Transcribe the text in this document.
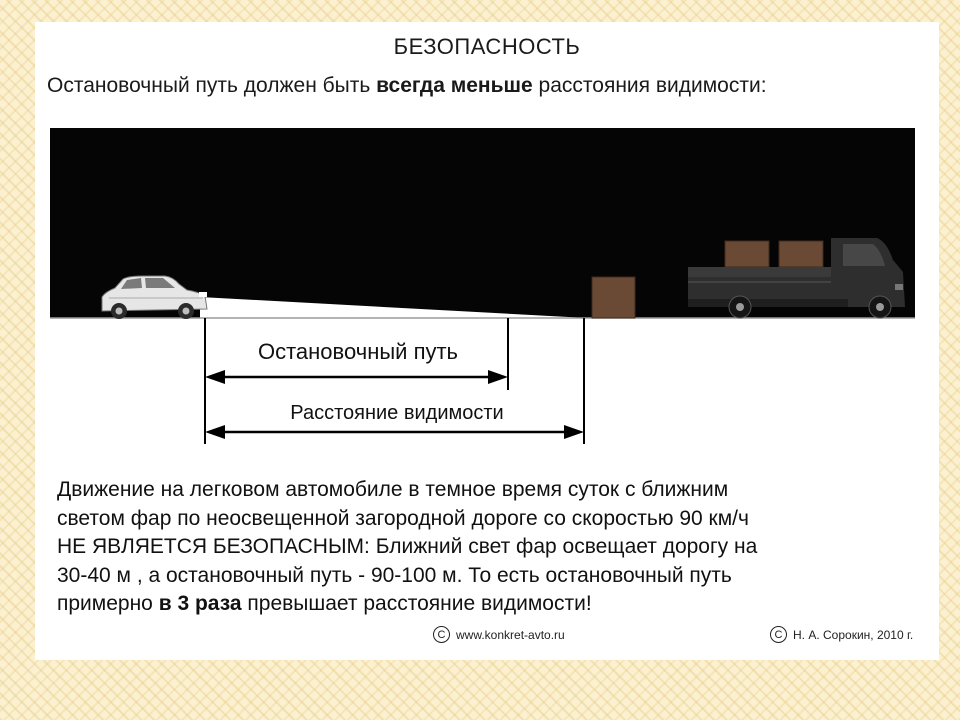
БЕЗОПАСНОСТЬ
Остановочный путь должен быть всегда меньше расстояния видимости:
Остановочный путь
Расстояние видимости
Движение на легковом автомобиле в темное время суток с ближним
светом фар по неосвещенной загородной дороге со скоростью 90 км/ч
НЕ ЯВЛЯЕТСЯ БЕЗОПАСНЫМ: Ближний свет фар освещает дорогу на
30-40 м , а остановочный путь - 90-100 м. То есть остановочный путь
примерно в 3 раза превышает расстояние видимости!
C www.konkret-avto.ru	C Н. А. Сорокин, 2010 г.
